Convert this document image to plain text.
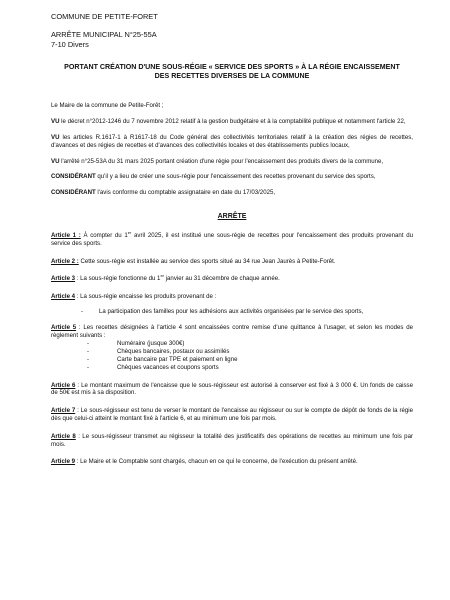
COMMUNE DE PETITE-FORET
ARRÊTE MUNICIPAL N°25-55A
7-10 Divers
PORTANT CRÉATION D'UNE SOUS-RÉGIE « SERVICE DES SPORTS » À LA RÉGIE ENCAISSEMENT DES RECETTES DIVERSES DE LA COMMUNE

Le Maire de la commune de Petite-Forêt ;

VU le décret n°2012-1246 du 7 novembre 2012 relatif à la gestion budgétaire et à la comptabilité publique et notamment l'article 22,

VU les articles R.1617-1 à R1617-18 du Code général des collectivités territoriales relatif à la création des régies de recettes, d'avances et des régies de recettes et d'avances des collectivités locales et des établissements publics locaux,

VU l'arrêté n°25-53A du 31 mars 2025 portant création d'une régie pour l'encaissement des produits divers de la commune,

CONSIDÉRANT qu'il y a lieu de créer une sous-régie pour l'encaissement des recettes provenant du service des sports,

CONSIDÉRANT l'avis conforme du comptable assignataire en date du 17/03/2025,

ARRÊTE

Article 1 : À compter du 1er avril 2025, il est institué une sous-régie de recettes pour l'encaissement des produits provenant du service des sports.

Article 2 : Cette sous-régie est installée au service des sports situé au 34 rue Jean Jaurès à Petite-Forêt.

Article 3 : La sous-régie fonctionne du 1er janvier au 31 décembre de chaque année.

Article 4 : La sous-régie encaisse les produits provenant de :

-	La participation des familles pour les adhésions aux activités organisées par le service des sports,

Article 5 : Les recettes désignées à l'article 4 sont encaissées contre remise d'une quittance à l'usager, et selon les modes de règlement suivants :

- Numéraire (jusque 300€)
- Chèques bancaires, postaux ou assimilés
- Carte bancaire par TPE et paiement en ligne
- Chèques vacances et coupons sports

Article 6 : Le montant maximum de l'encaisse que le sous-régisseur est autorisé à conserver est fixé à 3 000 €. Un fonds de caisse de 50€ est mis à sa disposition.

Article 7 : Le sous-régisseur est tenu de verser le montant de l'encaisse au régisseur ou sur le compte de dépôt de fonds de la régie dès que celui-ci atteint le montant fixé à l'article 6, et au minimum une fois par mois.

Article 8 : Le sous-régisseur transmet au régisseur la totalité des justificatifs des opérations de recettes au minimum une fois par mois.

Article 9 : Le Maire et le Comptable sont chargés, chacun en ce qui le concerne, de l'exécution du présent arrêté.
